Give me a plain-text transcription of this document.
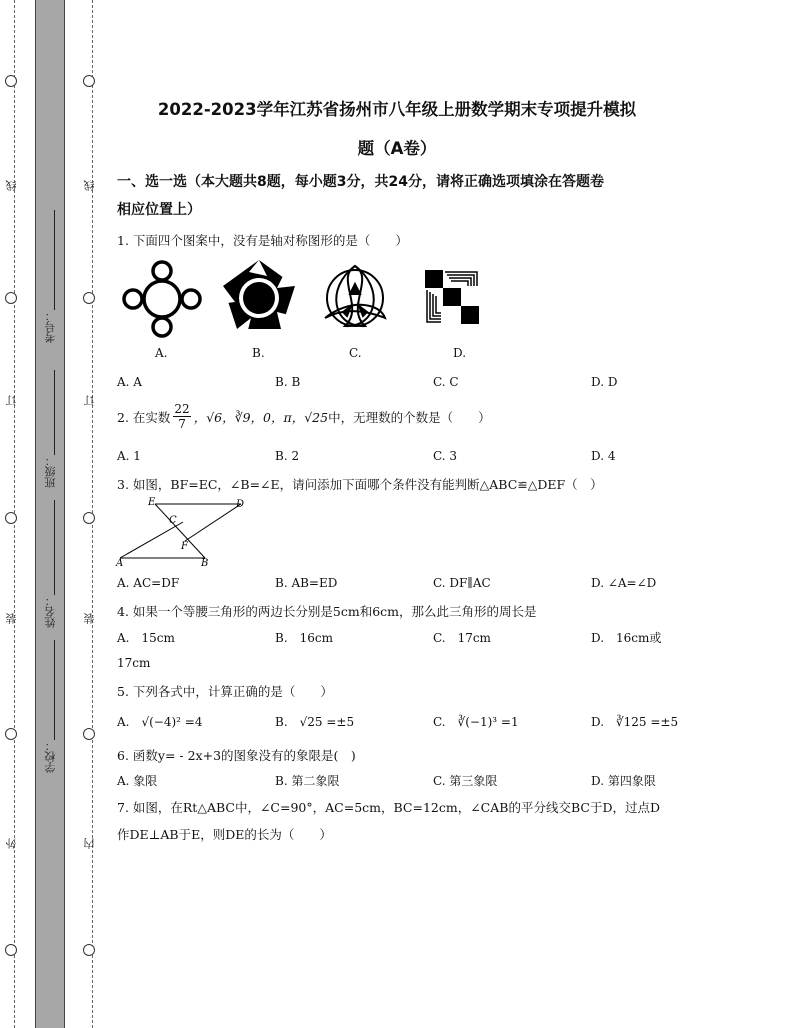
线
订
装
外
线
订
装
内
考号：
班级：
姓名：
学校：
2022-2023学年江苏省扬州市八年级上册数学期末专项提升模拟
题（A卷）
一、选一选（本大题共8题，每小题3分，共24分，请将正确选项填涂在答题卷
相应位置上）
1. 下面四个图案中，没有是轴对称图形的是（　　）
A.	B.	C.	D.
A. A	B. B	C. C	D. D
2. 在实数 $\frac{22}{7}$ ，√6，∛9，0，π，√25 中，无理数的个数是（　　）
A. 1	B. 2	C. 3	D. 4
3. 如图，BF=EC，∠B=∠E，请问添加下面哪个条件没有能判断△ABC≌△DEF（　）
E
C
D
F
A	B
A. AC=DF	B. AB=ED	C. DF∥AC	D. ∠A=∠D
4. 如果一个等腰三角形的两边长分别是5cm和6cm，那么此三角形的周长是
A.　15cm	B.　16cm	C.　17cm	D.　16cm或
17cm
5. 下列各式中，计算正确的是（　　）
A.　√(−4)² =4	B.　√25 =±5	C.　∛(−1)³ =1	D.　∛125 =±5
6. 函数y= - 2x+3的图象没有的象限是(　)
A. 象限	B. 第二象限	C. 第三象限	D. 第四象限
7. 如图，在Rt△ABC中，∠C=90°，AC=5cm，BC=12cm，∠CAB的平分线交BC于D，过点D
作DE⊥AB于E，则DE的长为（　　）
